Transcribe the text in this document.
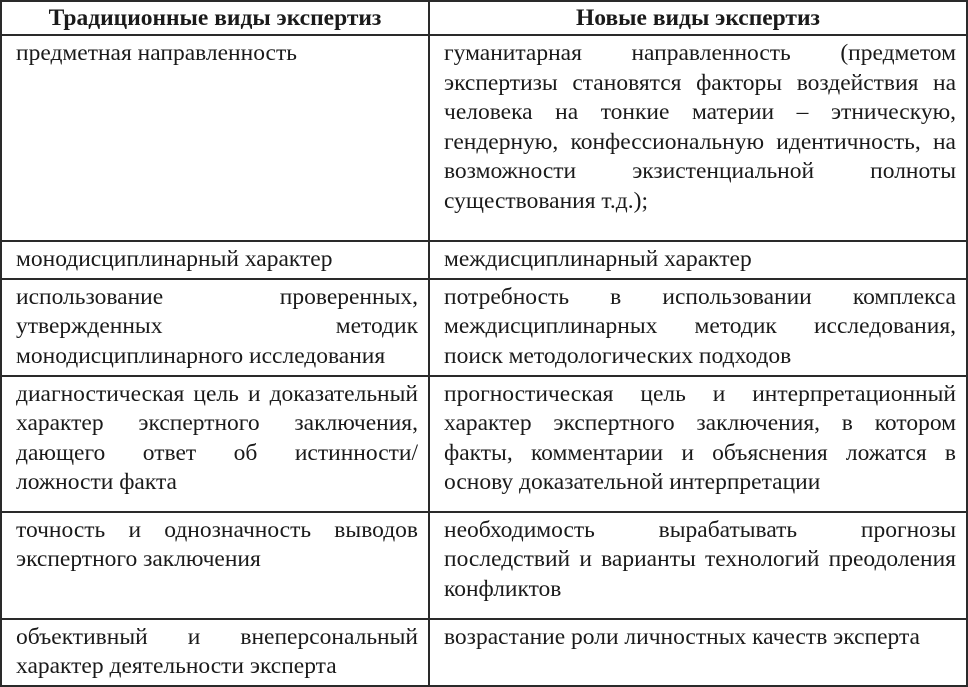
Традиционные виды экспертиз	Новые виды экспертиз
предметная направленность	гуманитарная направленность (предметом экспертизы становятся факторы воздействия на человека на тонкие материи – этническую, гендерную, конфессиональную идентичность, на возможности экзистенциальной полноты существования т.д.);
монодисциплинарный характер	междисциплинарный характер
использование проверенных, утвержденных методик монодисциплинарного исследования	потребность в использовании комплекса междисциплинарных методик исследования, поиск методологических подходов
диагностическая цель и доказательный характер экспертного заключения, дающего ответ об истинности/ложности факта	прогностическая цель и интерпретационный характер экспертного заключения, в котором факты, комментарии и объяснения ложатся в основу доказательной интерпретации
точность и однозначность выводов экспертного заключения	необходимость вырабатывать прогнозы последствий и варианты технологий преодоления конфликтов
объективный и внеперсональный характер деятельности эксперта	возрастание роли личностных качеств эксперта
